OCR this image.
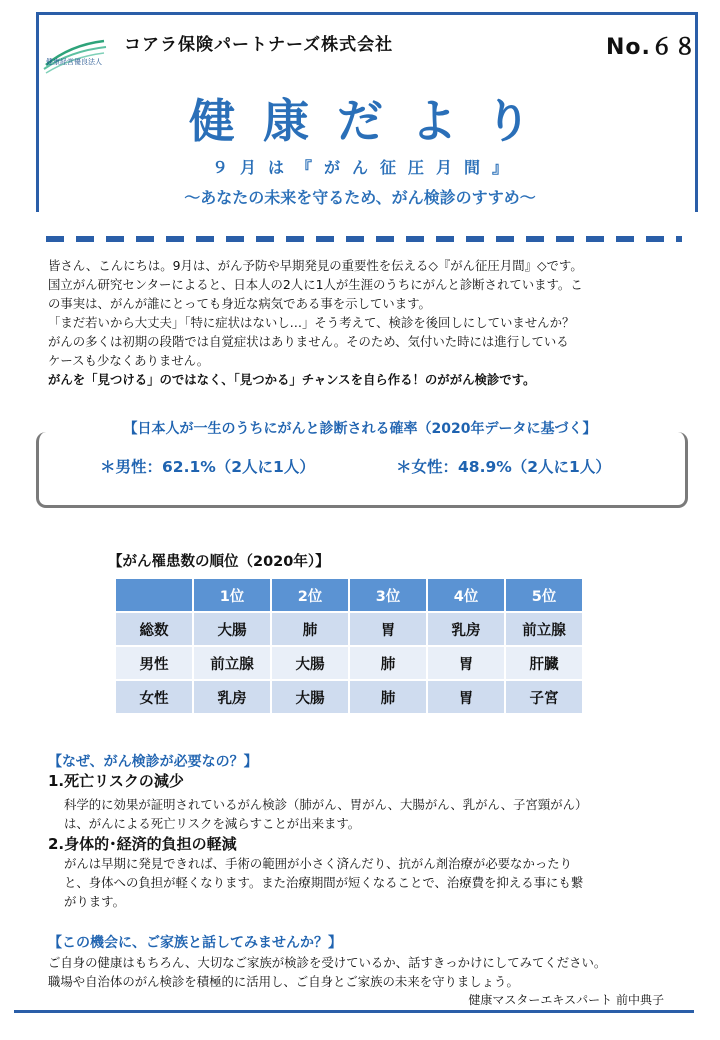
健康経営優良法人
コアラ保険パートナーズ株式会社	No.６８
健康だより
９月は『がん征圧月間』
～あなたの未来を守るため、がん検診のすすめ～

皆さん、こんにちは。9月は、がん予防や早期発見の重要性を伝える◇『がん征圧月間』◇です。

国立がん研究センターによると、日本人の2人に1人が生涯のうちにがんと診断されています。こ

の事実は、がんが誰にとっても身近な病気である事を示しています。

「まだ若いから大丈夫」「特に症状はないし…」そう考えて、検診を後回しにしていませんか？

がんの多くは初期の段階では自覚症状はありません。そのため、気付いた時には進行している

ケースも少なくありません。

がんを「見つける」のではなく、「見つかる」チャンスを自ら作る！のががん検診です。

【日本人が一生のうちにがんと診断される確率（2020年データに基づく】
＊男性：62.1%（2人に1人）	＊女性：48.9%（2人に1人）
【がん罹患数の順位（2020年）】
	1位	2位	3位	4位	5位
総数	大腸	肺	胃	乳房	前立腺
男性	前立腺	大腸	肺	胃	肝臓
女性	乳房	大腸	肺	胃	子宮
【なぜ、がん検診が必要なの？】
1.死亡リスクの減少

科学的に効果が証明されているがん検診（肺がん、胃がん、大腸がん、乳がん、子宮頸がん）

は、がんによる死亡リスクを減らすことが出来ます。

2.身体的･経済的負担の軽減

がんは早期に発見できれば、手術の範囲が小さく済んだり、抗がん剤治療が必要なかったり

と、身体への負担が軽くなります。また治療期間が短くなることで、治療費を抑える事にも繋

がります。

【この機会に、ご家族と話してみませんか？】

ご自身の健康はもちろん、大切なご家族が検診を受けているか、話すきっかけにしてみてください。

職場や自治体のがん検診を積極的に活用し、ご自身とご家族の未来を守りましょう。

健康マスターエキスパート 前中典子
